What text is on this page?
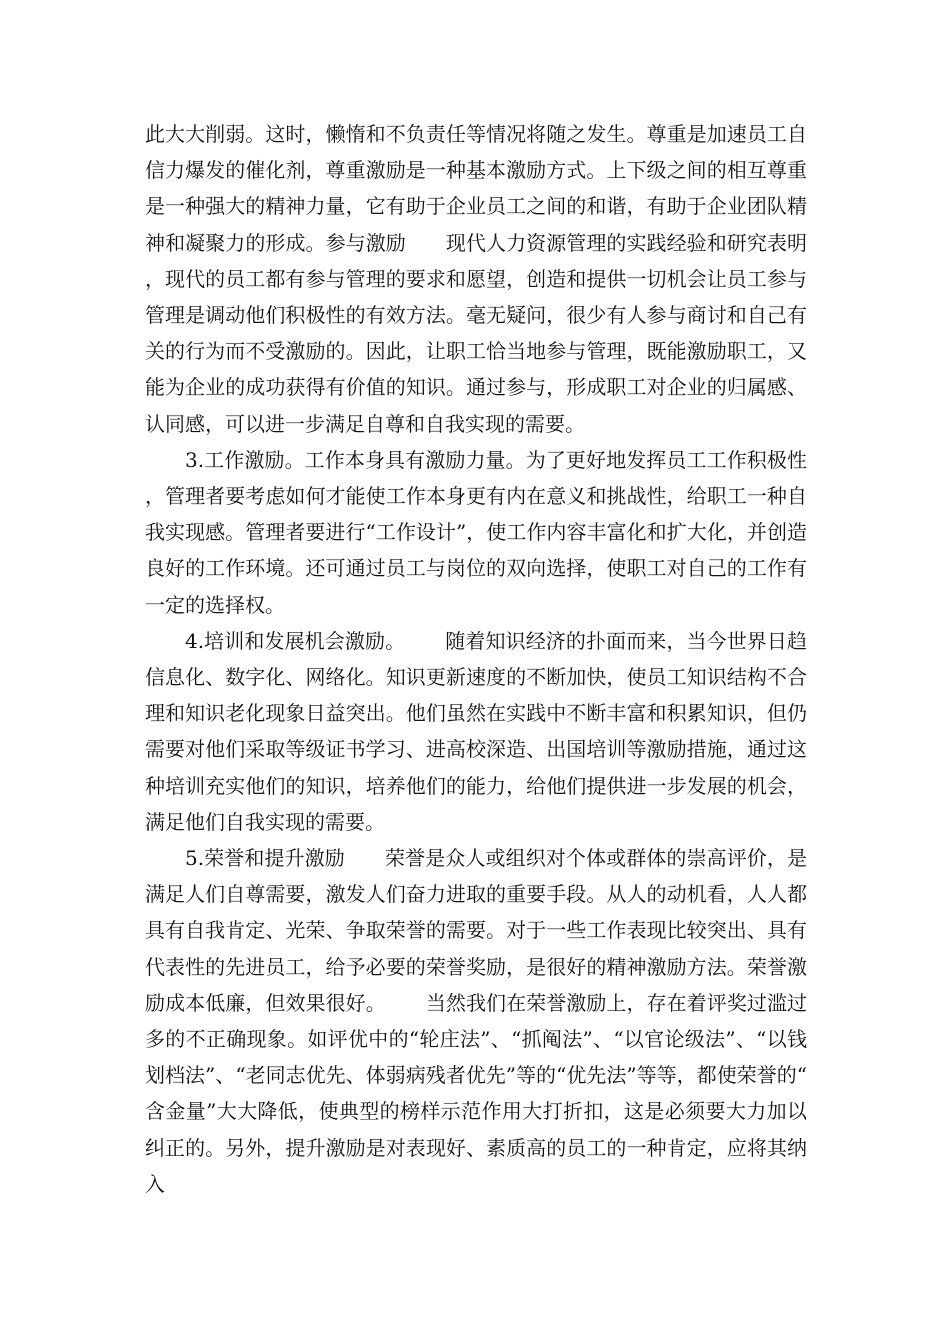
此大大削弱。这时，懒惰和不负责任等情况将随之发生。尊重是加速员工自信力爆发的催化剂，尊重激励是一种基本激励方式。上下级之间的相互尊重是一种强大的精神力量，它有助于企业员工之间的和谐，有助于企业团队精神和凝聚力的形成。参与激励 现代人力资源管理的实践经验和研究表明，现代的员工都有参与管理的要求和愿望，创造和提供一切机会让员工参与管理是调动他们积极性的有效方法。毫无疑问，很少有人参与商讨和自己有关的行为而不受激励的。因此，让职工恰当地参与管理，既能激励职工，又能为企业的成功获得有价值的知识。通过参与，形成职工对企业的归属感、认同感，可以进一步满足自尊和自我实现的需要。

3.工作激励。工作本身具有激励力量。为了更好地发挥员工工作积极性，管理者要考虑如何才能使工作本身更有内在意义和挑战性，给职工一种自我实现感。管理者要进行“工作设计”，使工作内容丰富化和扩大化，并创造良好的工作环境。还可通过员工与岗位的双向选择，使职工对自己的工作有一定的选择权。

4.培训和发展机会激励。 随着知识经济的扑面而来，当今世界日趋信息化、数字化、网络化。知识更新速度的不断加快，使员工知识结构不合理和知识老化现象日益突出。他们虽然在实践中不断丰富和积累知识，但仍需要对他们采取等级证书学习、进高校深造、出国培训等激励措施，通过这种培训充实他们的知识，培养他们的能力，给他们提供进一步发展的机会，满足他们自我实现的需要。

5.荣誉和提升激励 荣誉是众人或组织对个体或群体的崇高评价，是满足人们自尊需要，激发人们奋力进取的重要手段。从人的动机看，人人都具有自我肯定、光荣、争取荣誉的需要。对于一些工作表现比较突出、具有代表性的先进员工，给予必要的荣誉奖励，是很好的精神激励方法。荣誉激励成本低廉，但效果很好。 当然我们在荣誉激励上，存在着评奖过滥过多的不正确现象。如评优中的“轮庄法”、“抓阄法”、“以官论级法”、“以钱划档法”、“老同志优先、体弱病残者优先”等的“优先法”等等，都使荣誉的“含金量”大大降低，使典型的榜样示范作用大打折扣，这是必须要大力加以纠正的。另外，提升激励是对表现好、素质高的员工的一种肯定，应将其纳入
